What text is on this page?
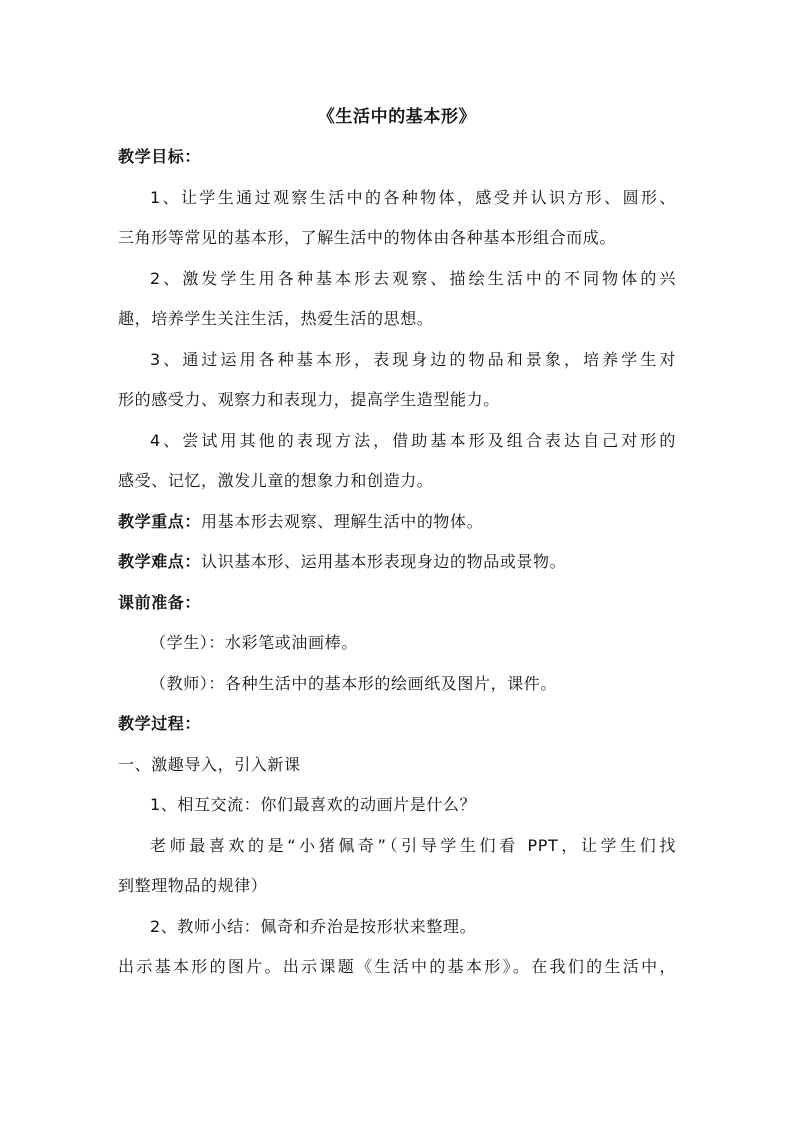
《生活中的基本形》
教学目标：
1、让学生通过观察生活中的各种物体，感受并认识方形、圆形、
三角形等常见的基本形，了解生活中的物体由各种基本形组合而成。
2、激发学生用各种基本形去观察、描绘生活中的不同物体的兴
趣，培养学生关注生活，热爱生活的思想。
3、通过运用各种基本形，表现身边的物品和景象，培养学生对
形的感受力、观察力和表现力，提高学生造型能力。
4、尝试用其他的表现方法，借助基本形及组合表达自己对形的
感受、记忆，激发儿童的想象力和创造力。
教学重点：用基本形去观察、理解生活中的物体。
教学难点：认识基本形、运用基本形表现身边的物品或景物。
课前准备：
（学生）：水彩笔或油画棒。
（教师）：各种生活中的基本形的绘画纸及图片，课件。
教学过程：
一、激趣导入，引入新课
1、相互交流：你们最喜欢的动画片是什么？
老师最喜欢的是“小猪佩奇”（引导学生们看 PPT，让学生们找
到整理物品的规律）
2、教师小结：佩奇和乔治是按形状来整理。
出示基本形的图片。出示课题《生活中的基本形》。在我们的生活中，
